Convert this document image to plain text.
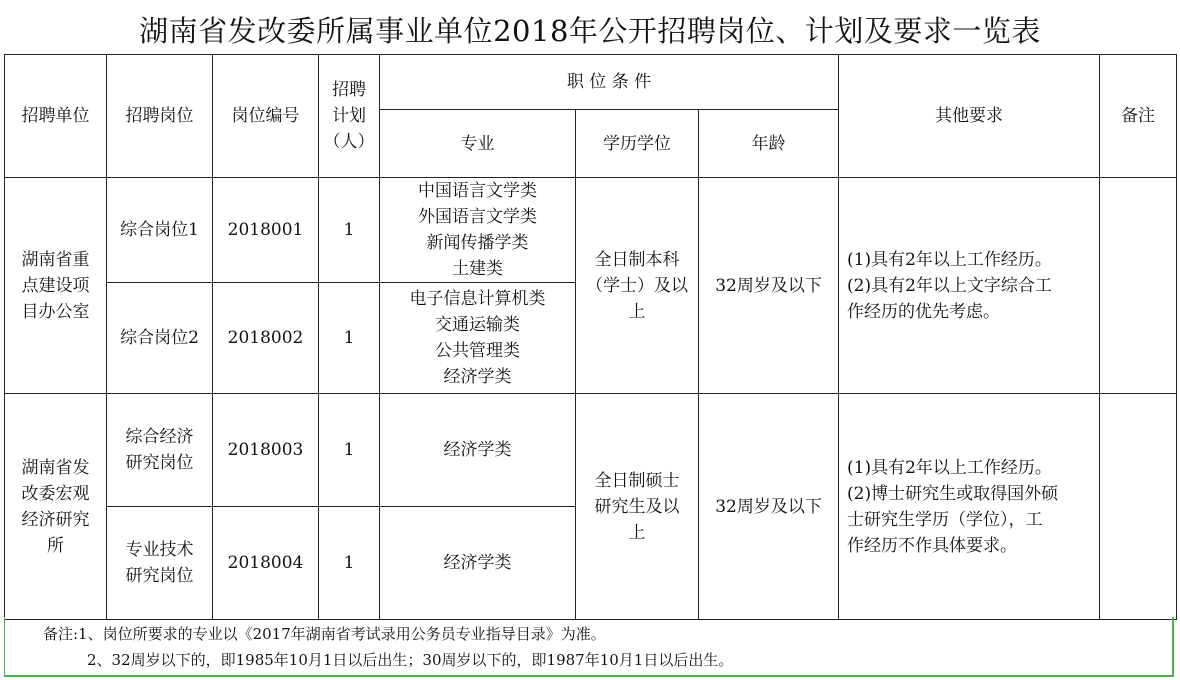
湖南省发改委所属事业单位2018年公开招聘岗位、计划及要求一览表
招聘单位	招聘岗位	岗位编号	招聘
计划
（人）	职 位 条 件			其他要求	备注
				专业	学历学位	年龄		

湖南省重
点建设项
目办公室	综合岗位1	2018001	1	中国语言文学类
外国语言文学类
新闻传播学类
土建类	全日制本科
（学士）及以
上	32周岁及以下	(1)具有2年以上工作经历。
(2)具有2年以上文字综合工
作经历的优先考虑。	

	综合岗位2	2018002	1	电子信息计算机类
交通运输类
公共管理类
经济学类				

湖南省发
改委宏观
经济研究
所	综合经济
研究岗位	2018003	1	经济学类	全日制硕士
研究生及以
上	32周岁及以下	(1)具有2年以上工作经历。
(2)博士研究生或取得国外硕
士研究生学历（学位），工
作经历不作具体要求。	

	专业技术
研究岗位	2018004	1	经济学类				
备注:1、岗位所要求的专业以《2017年湖南省考试录用公务员专业指导目录》为准。
2、32周岁以下的，即1985年10月1日以后出生；30周岁以下的，即1987年10月1日以后出生。
